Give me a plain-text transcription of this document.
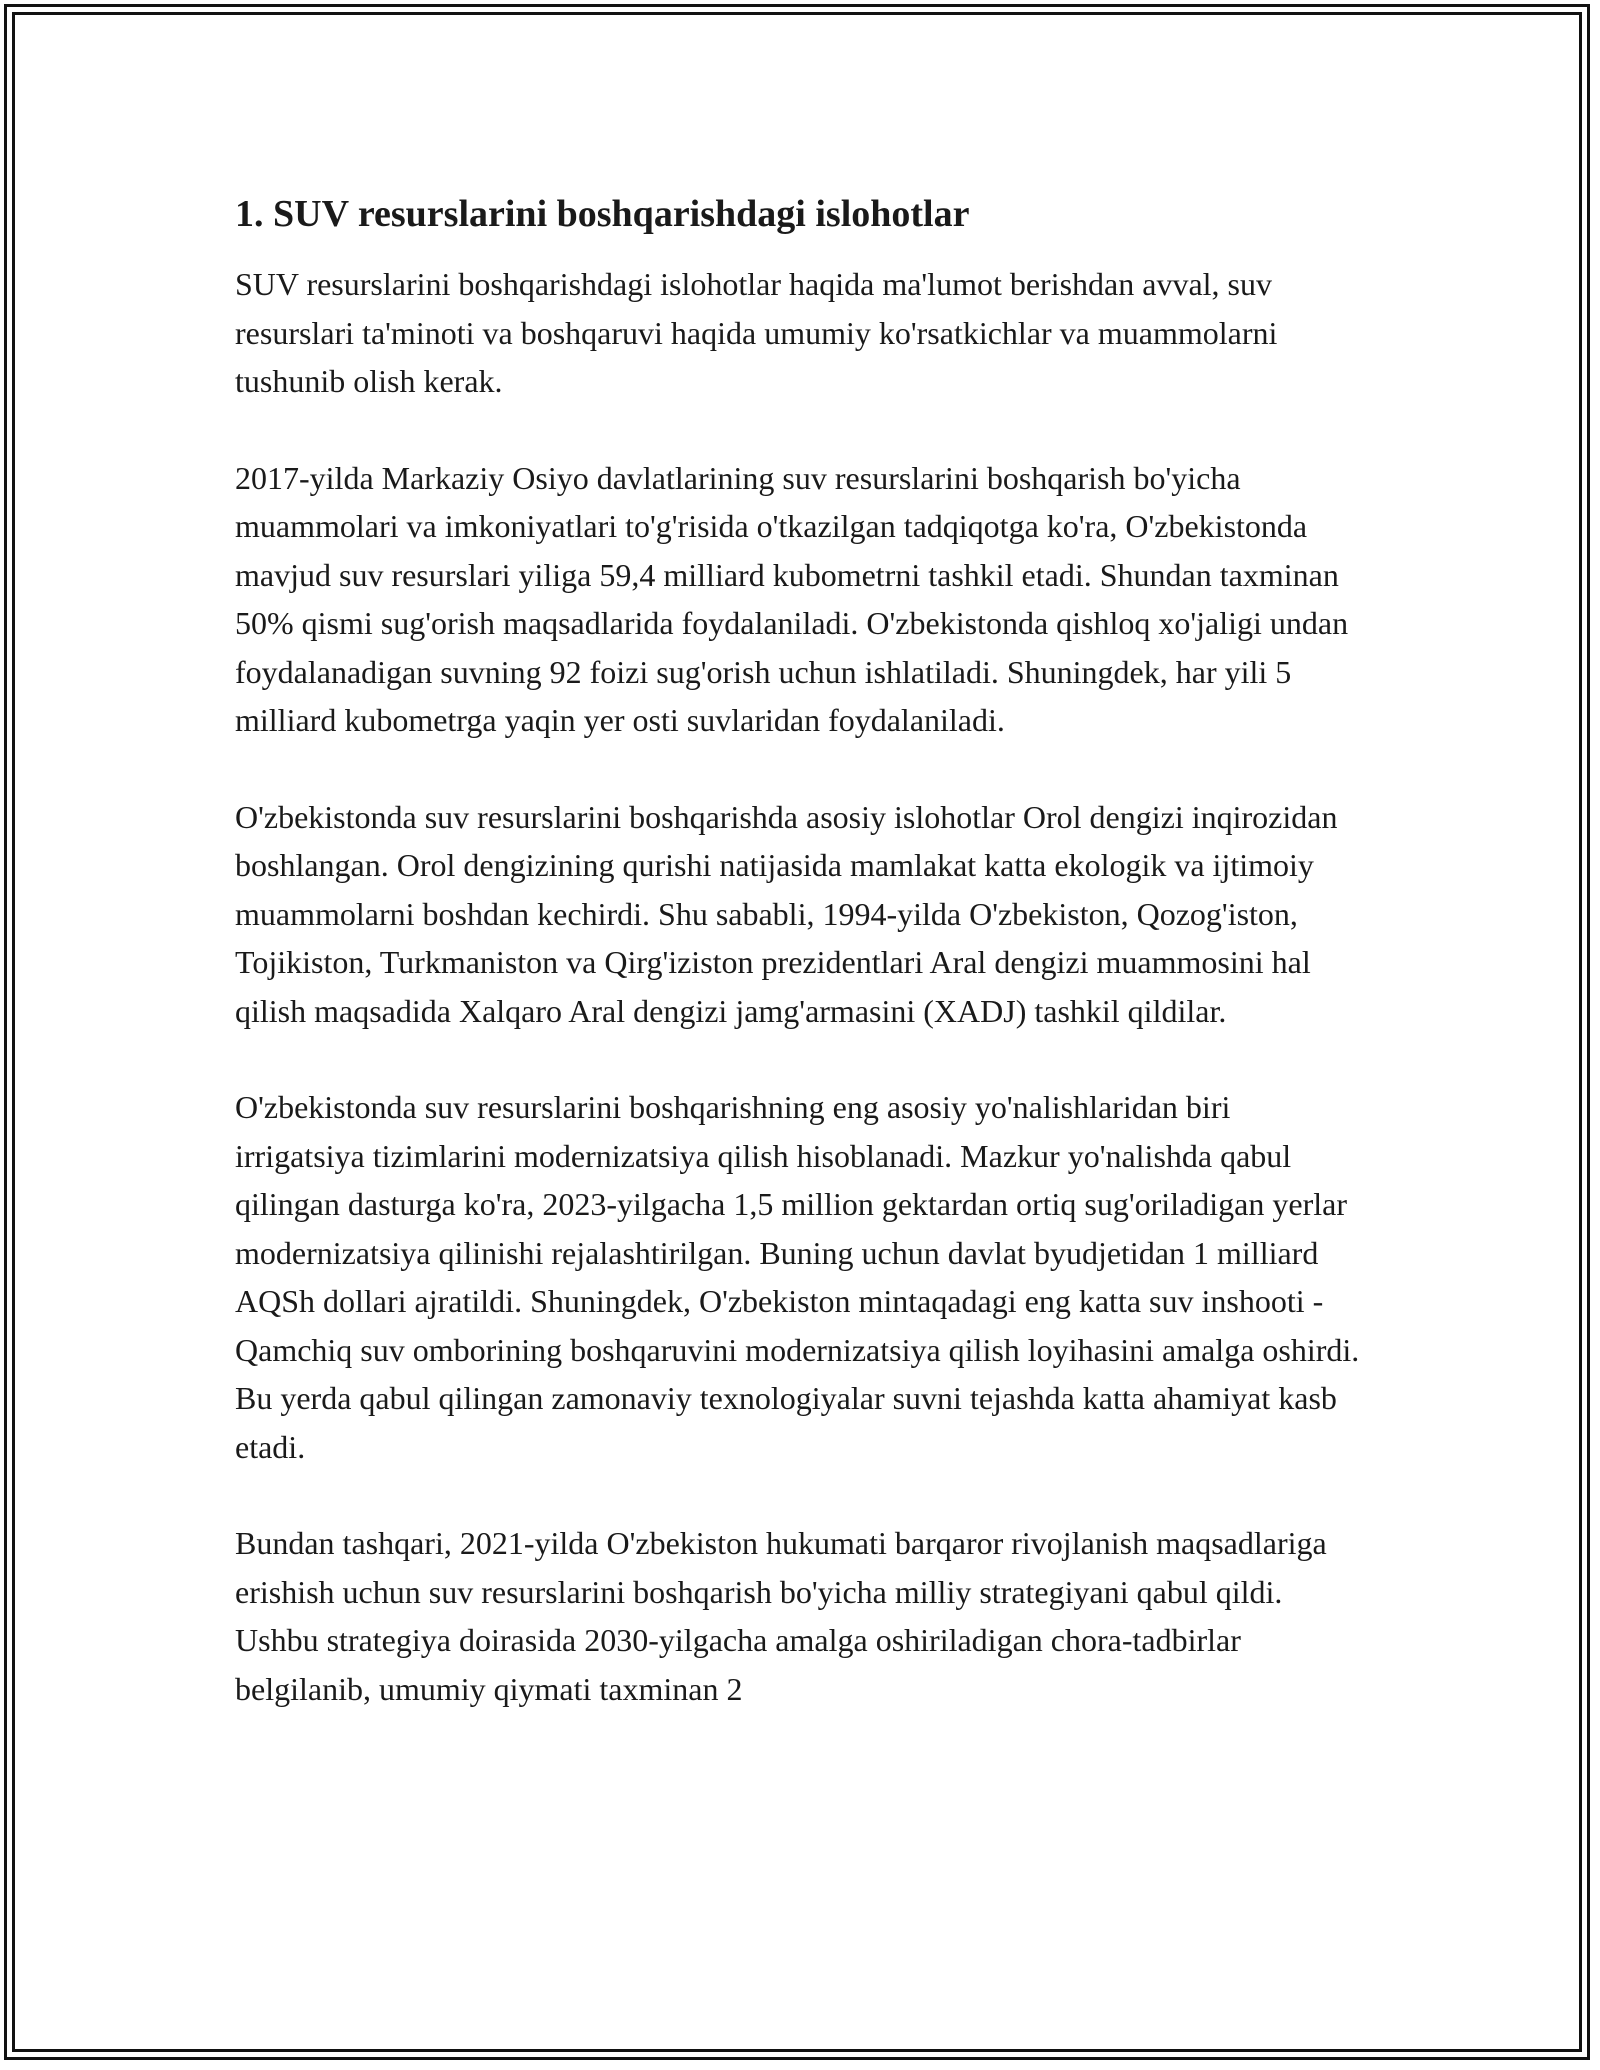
1. SUV resurslarini boshqarishdagi islohotlar

SUV resurslarini boshqarishdagi islohotlar haqida ma'lumot berishdan avval, suv resurslari ta'minoti va boshqaruvi haqida umumiy ko'rsatkichlar va muammolarni tushunib olish kerak.

2017-yilda Markaziy Osiyo davlatlarining suv resurslarini boshqarish bo'yicha muammolari va imkoniyatlari to'g'risida o'tkazilgan tadqiqotga ko'ra, O'zbekistonda mavjud suv resurslari yiliga 59,4 milliard kubometrni tashkil etadi. Shundan taxminan 50% qismi sug'orish maqsadlarida foydalaniladi. O'zbekistonda qishloq xo'jaligi undan foydalanadigan suvning 92 foizi sug'orish uchun ishlatiladi. Shuningdek, har yili 5 milliard kubometrga yaqin yer osti suvlaridan foydalaniladi.

O'zbekistonda suv resurslarini boshqarishda asosiy islohotlar Orol dengizi inqirozidan boshlangan. Orol dengizining qurishi natijasida mamlakat katta ekologik va ijtimoiy muammolarni boshdan kechirdi. Shu sababli, 1994-yilda O'zbekiston, Qozog'iston, Tojikiston, Turkmaniston va Qirg'iziston prezidentlari Aral dengizi muammosini hal qilish maqsadida Xalqaro Aral dengizi jamg'armasini (XADJ) tashkil qildilar.

O'zbekistonda suv resurslarini boshqarishning eng asosiy yo'nalishlaridan biri irrigatsiya tizimlarini modernizatsiya qilish hisoblanadi. Mazkur yo'nalishda qabul qilingan dasturga ko'ra, 2023-yilgacha 1,5 million gektardan ortiq sug'oriladigan yerlar modernizatsiya qilinishi rejalashtirilgan. Buning uchun davlat byudjetidan 1 milliard AQSh dollari ajratildi. Shuningdek, O'zbekiston mintaqadagi eng katta suv inshooti - Qamchiq suv omborining boshqaruvini modernizatsiya qilish loyihasini amalga oshirdi. Bu yerda qabul qilingan zamonaviy texnologiyalar suvni tejashda katta ahamiyat kasb etadi.

Bundan tashqari, 2021-yilda O'zbekiston hukumati barqaror rivojlanish maqsadlariga erishish uchun suv resurslarini boshqarish bo'yicha milliy strategiyani qabul qildi. Ushbu strategiya doirasida 2030-yilgacha amalga oshiriladigan chora-tadbirlar belgilanib, umumiy qiymati taxminan 2
